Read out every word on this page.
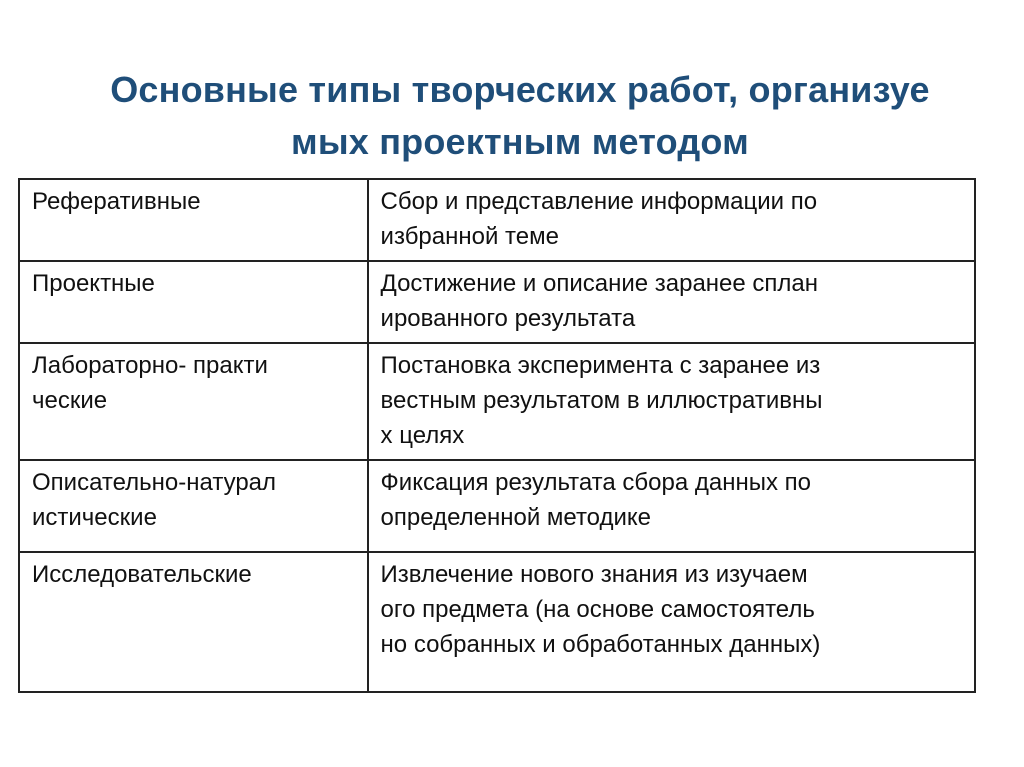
Основные типы творческих работ, организуе
мых проектным методом
Реферативные	Сбор и представление информации по
избранной теме

Проектные	Достижение и описание заранее сплан
ированного результата

Лабораторно- практи
ческие	Постановка эксперимента с заранее из
вестным результатом в иллюстративны
х целях

Описательно-натурал
истические	Фиксация результата сбора данных по
определенной методике

Исследовательские	Извлечение нового знания из изучаем
ого предмета (на основе самостоятель
но собранных и обработанных данных)
